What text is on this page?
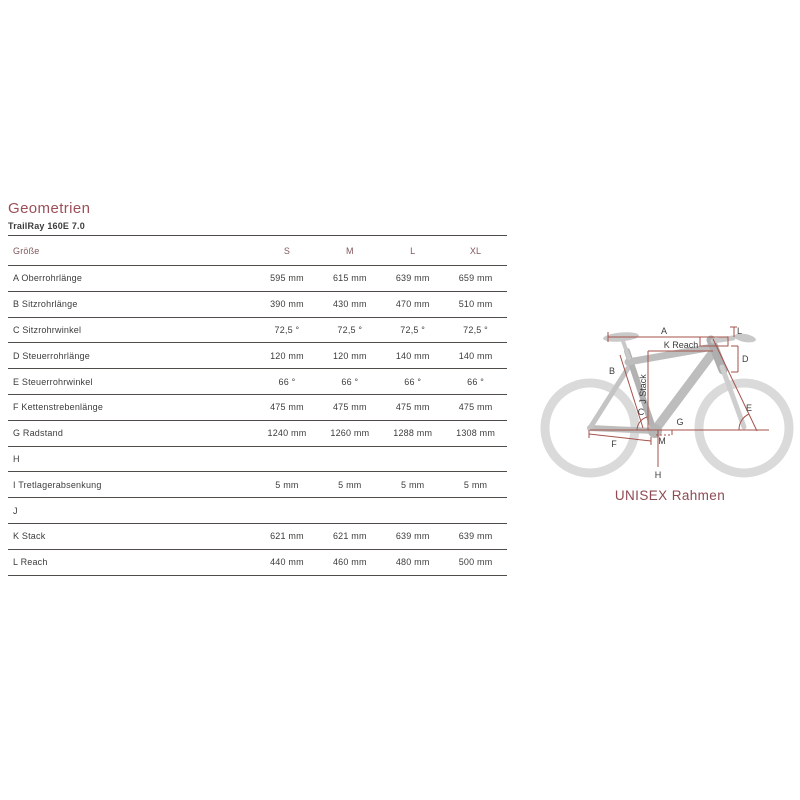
Geometrien
TrailRay 160E 7.0
Größe	S	M	L	XL
A Oberrohrlänge	595 mm	615 mm	639 mm	659 mm
B Sitzrohrlänge	390 mm	430 mm	470 mm	510 mm
C Sitzrohrwinkel	72,5 °	72,5 °	72,5 °	72,5 °
D Steuerrohrlänge	120 mm	120 mm	140 mm	140 mm
E Steuerrohrwinkel	66 °	66 °	66 °	66 °
F Kettenstrebenlänge	475 mm	475 mm	475 mm	475 mm
G Radstand	1240 mm	1260 mm	1288 mm	1308 mm
H
I Tretlagerabsenkung	5 mm	5 mm	5 mm	5 mm
J
K Stack	621 mm	621 mm	639 mm	639 mm
L Reach	440 mm	460 mm	480 mm	500 mm
A
K Reach
L
D
B
J Stack
C	E
G
M
H
F
UNISEX Rahmen
